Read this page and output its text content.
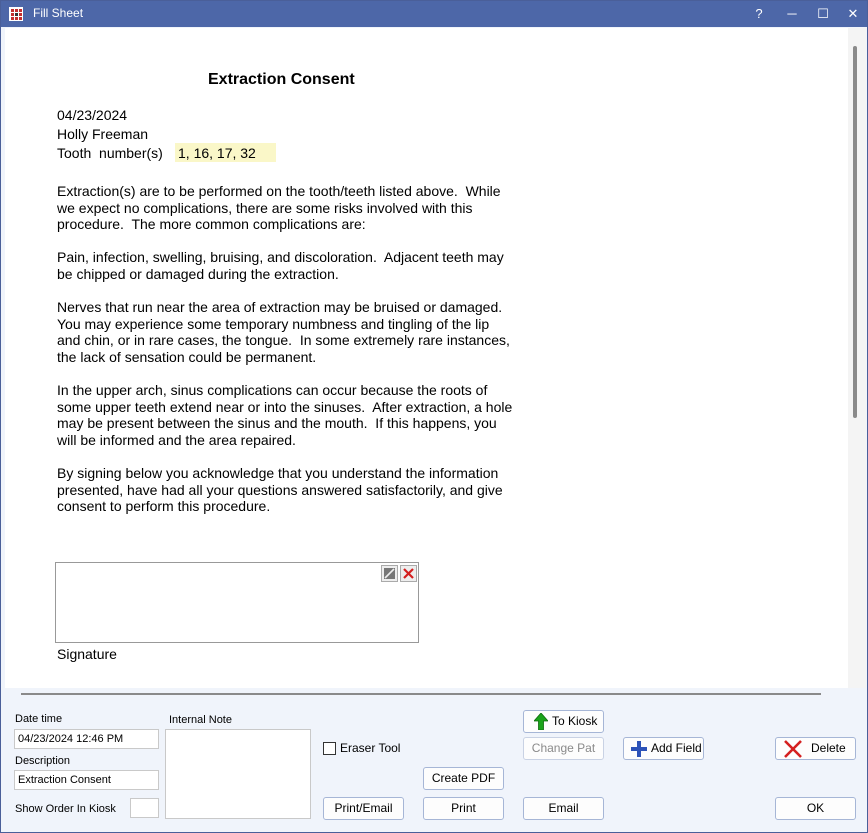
Fill Sheet	?	─	☐	✕
Extraction Consent
04/23/2024
Holly Freeman
Tooth  number(s) 1, 16, 17, 32
Extraction(s) are to be performed on the tooth/teeth listed above.  While
we expect no complications, there are some risks involved with this
procedure.  The more common complications are:
Pain, infection, swelling, bruising, and discoloration.  Adjacent teeth may
be chipped or damaged during the extraction.
Nerves that run near the area of extraction may be bruised or damaged.
You may experience some temporary numbness and tingling of the lip
and chin, or in rare cases, the tongue.  In some extremely rare instances,
the lack of sensation could be permanent.
In the upper arch, sinus complications can occur because the roots of
some upper teeth extend near or into the sinuses.  After extraction, a hole
may be present between the sinus and the mouth.  If this happens, you
will be informed and the area repaired.
By signing below you acknowledge that you understand the information
presented, have had all your questions answered satisfactorily, and give
consent to perform this procedure.
Signature
Date time
04/23/2024 12:46 PM
Description
Extraction Consent
Show Order In Kiosk
Internal Note
Eraser Tool
To Kiosk
Change Pat	Add Field	Delete
Create PDF
Print/Email	Print	Email	OK
